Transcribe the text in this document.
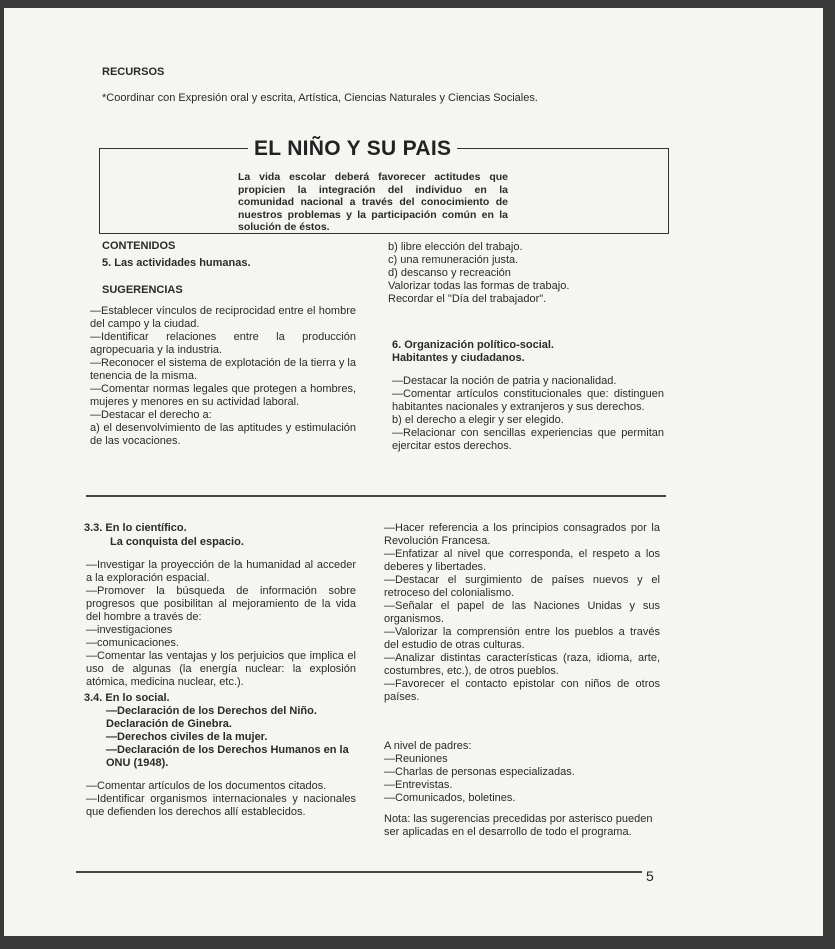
RECURSOS
*Coordinar con Expresión oral y escrita, Artística, Ciencias Naturales y Ciencias Sociales.
EL NIÑO Y SU PAIS
La vida escolar deberá favorecer actitudes que propicien la integración del individuo en la comunidad nacional a través del conocimiento de nuestros problemas y la participación común en la solución de éstos.
CONTENIDOS
5. Las actividades humanas.
SUGERENCIAS
—Establecer vínculos de reciprocidad entre el hombre del campo y la ciudad.
—Identificar relaciones entre la producción agropecuaria y la industria.
—Reconocer el sistema de explotación de la tierra y la tenencia de la misma.
—Comentar normas legales que protegen a hombres, mujeres y menores en su actividad laboral.
—Destacar el derecho a:
a) el desenvolvimiento de las aptitudes y estimulación de las vocaciones.
b) libre elección del trabajo.
c) una remuneración justa.
d) descanso y recreación
Valorizar todas las formas de trabajo.
Recordar el "Día del trabajador".
6. Organización político-social.
Habitantes y ciudadanos.
—Destacar la noción de patria y nacionalidad.
—Comentar artículos constitucionales que: distinguen habitantes nacionales y extranjeros y sus derechos.
b) el derecho a elegir y ser elegido.
—Relacionar con sencillas experiencias que permitan ejercitar estos derechos.
3.3. En lo científico.
La conquista del espacio.
—Investigar la proyección de la humanidad al acceder a la exploración espacial.
—Promover la búsqueda de información sobre progresos que posibilitan al mejoramiento de la vida del hombre a través de:
—investigaciones
—comunicaciones.
—Comentar las ventajas y los perjuicios que implica el uso de algunas (la energía nuclear: la explosión atómica, medicina nuclear, etc.).
3.4. En lo social.
—Declaración de los Derechos del Niño.
Declaración de Ginebra.
—Derechos civiles de la mujer.
—Declaración de los Derechos Humanos en la ONU (1948).
—Comentar artículos de los documentos citados.
—Identificar organismos internacionales y nacionales que defienden los derechos allí establecidos.
—Hacer referencia a los principios consagrados por la Revolución Francesa.
—Enfatizar al nivel que corresponda, el respeto a los deberes y libertades.
—Destacar el surgimiento de países nuevos y el retroceso del colonialismo.
—Señalar el papel de las Naciones Unidas y sus organismos.
—Valorizar la comprensión entre los pueblos a través del estudio de otras culturas.
—Analizar distintas características (raza, idioma, arte, costumbres, etc.), de otros pueblos.
—Favorecer el contacto epistolar con niños de otros países.
A nivel de padres:
—Reuniones
—Charlas de personas especializadas.
—Entrevistas.
—Comunicados, boletines.
Nota: las sugerencias precedidas por asterisco pueden ser aplicadas en el desarrollo de todo el programa.
5
